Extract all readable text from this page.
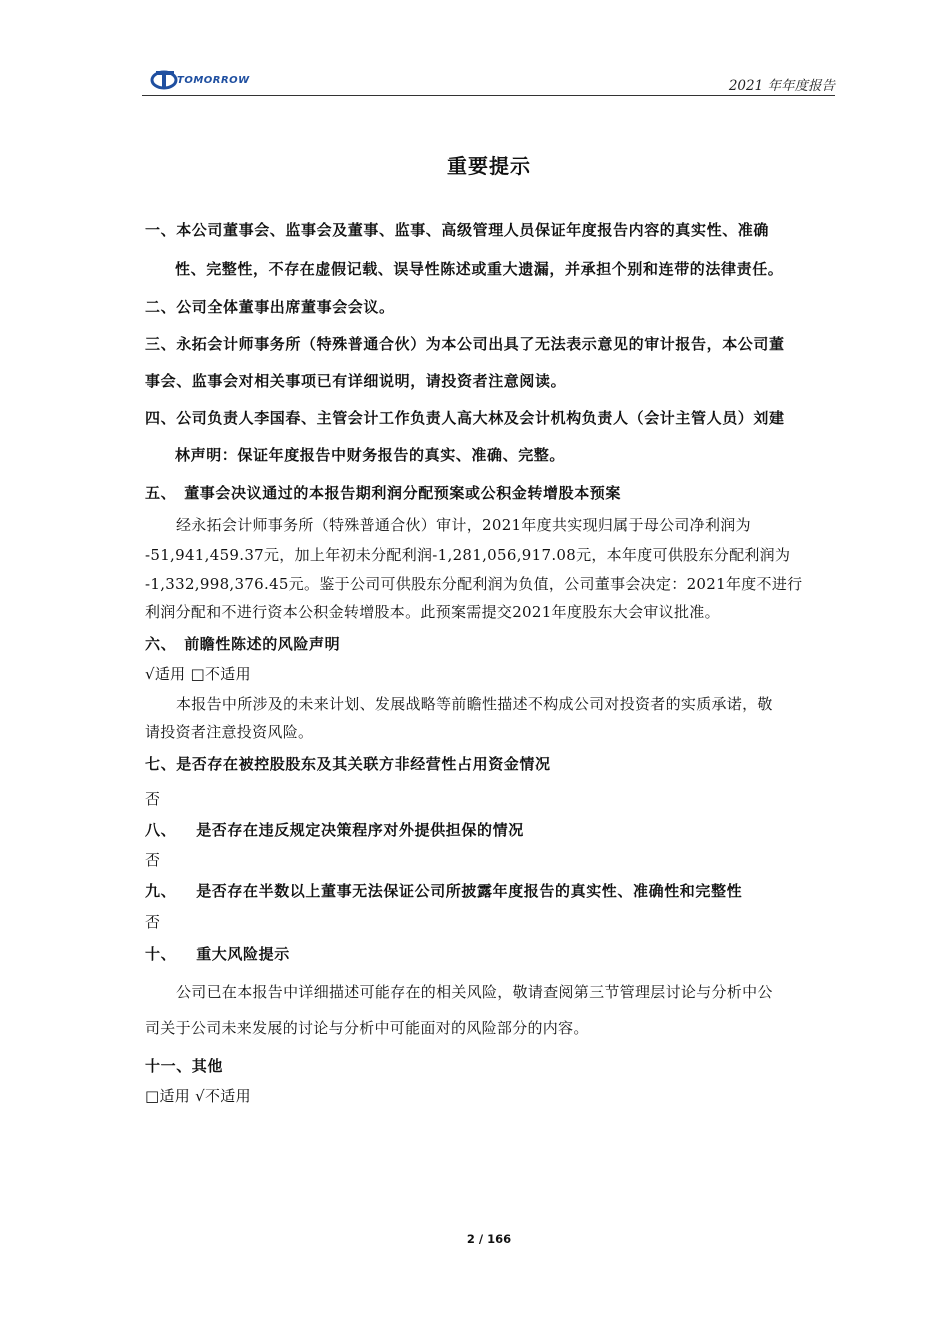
TOMORROW	2021 年年度报告
重要提示
一、本公司董事会、监事会及董事、监事、高级管理人员保证年度报告内容的真实性、准确
性、完整性，不存在虚假记载、误导性陈述或重大遗漏，并承担个别和连带的法律责任。
二、公司全体董事出席董事会会议。
三、永拓会计师事务所（特殊普通合伙）为本公司出具了无法表示意见的审计报告，本公司董
事会、监事会对相关事项已有详细说明，请投资者注意阅读。
四、公司负责人李国春、主管会计工作负责人高大林及会计机构负责人（会计主管人员）刘建
林声明：保证年度报告中财务报告的真实、准确、完整。
五、 董事会决议通过的本报告期利润分配预案或公积金转增股本预案
经永拓会计师事务所（特殊普通合伙）审计，2021年度共实现归属于母公司净利润为
-51,941,459.37元，加上年初未分配利润-1,281,056,917.08元，本年度可供股东分配利润为
-1,332,998,376.45元。鉴于公司可供股东分配利润为负值，公司董事会决定：2021年度不进行
利润分配和不进行资本公积金转增股本。此预案需提交2021年度股东大会审议批准。
六、 前瞻性陈述的风险声明
√适用 □不适用
本报告中所涉及的未来计划、发展战略等前瞻性描述不构成公司对投资者的实质承诺，敬
请投资者注意投资风险。
七、是否存在被控股股东及其关联方非经营性占用资金情况
否
八、 是否存在违反规定决策程序对外提供担保的情况
否
九、 是否存在半数以上董事无法保证公司所披露年度报告的真实性、准确性和完整性
否
十、 重大风险提示
公司已在本报告中详细描述可能存在的相关风险，敬请查阅第三节管理层讨论与分析中公
司关于公司未来发展的讨论与分析中可能面对的风险部分的内容。
十一、其他
□适用 √不适用
2 / 166
